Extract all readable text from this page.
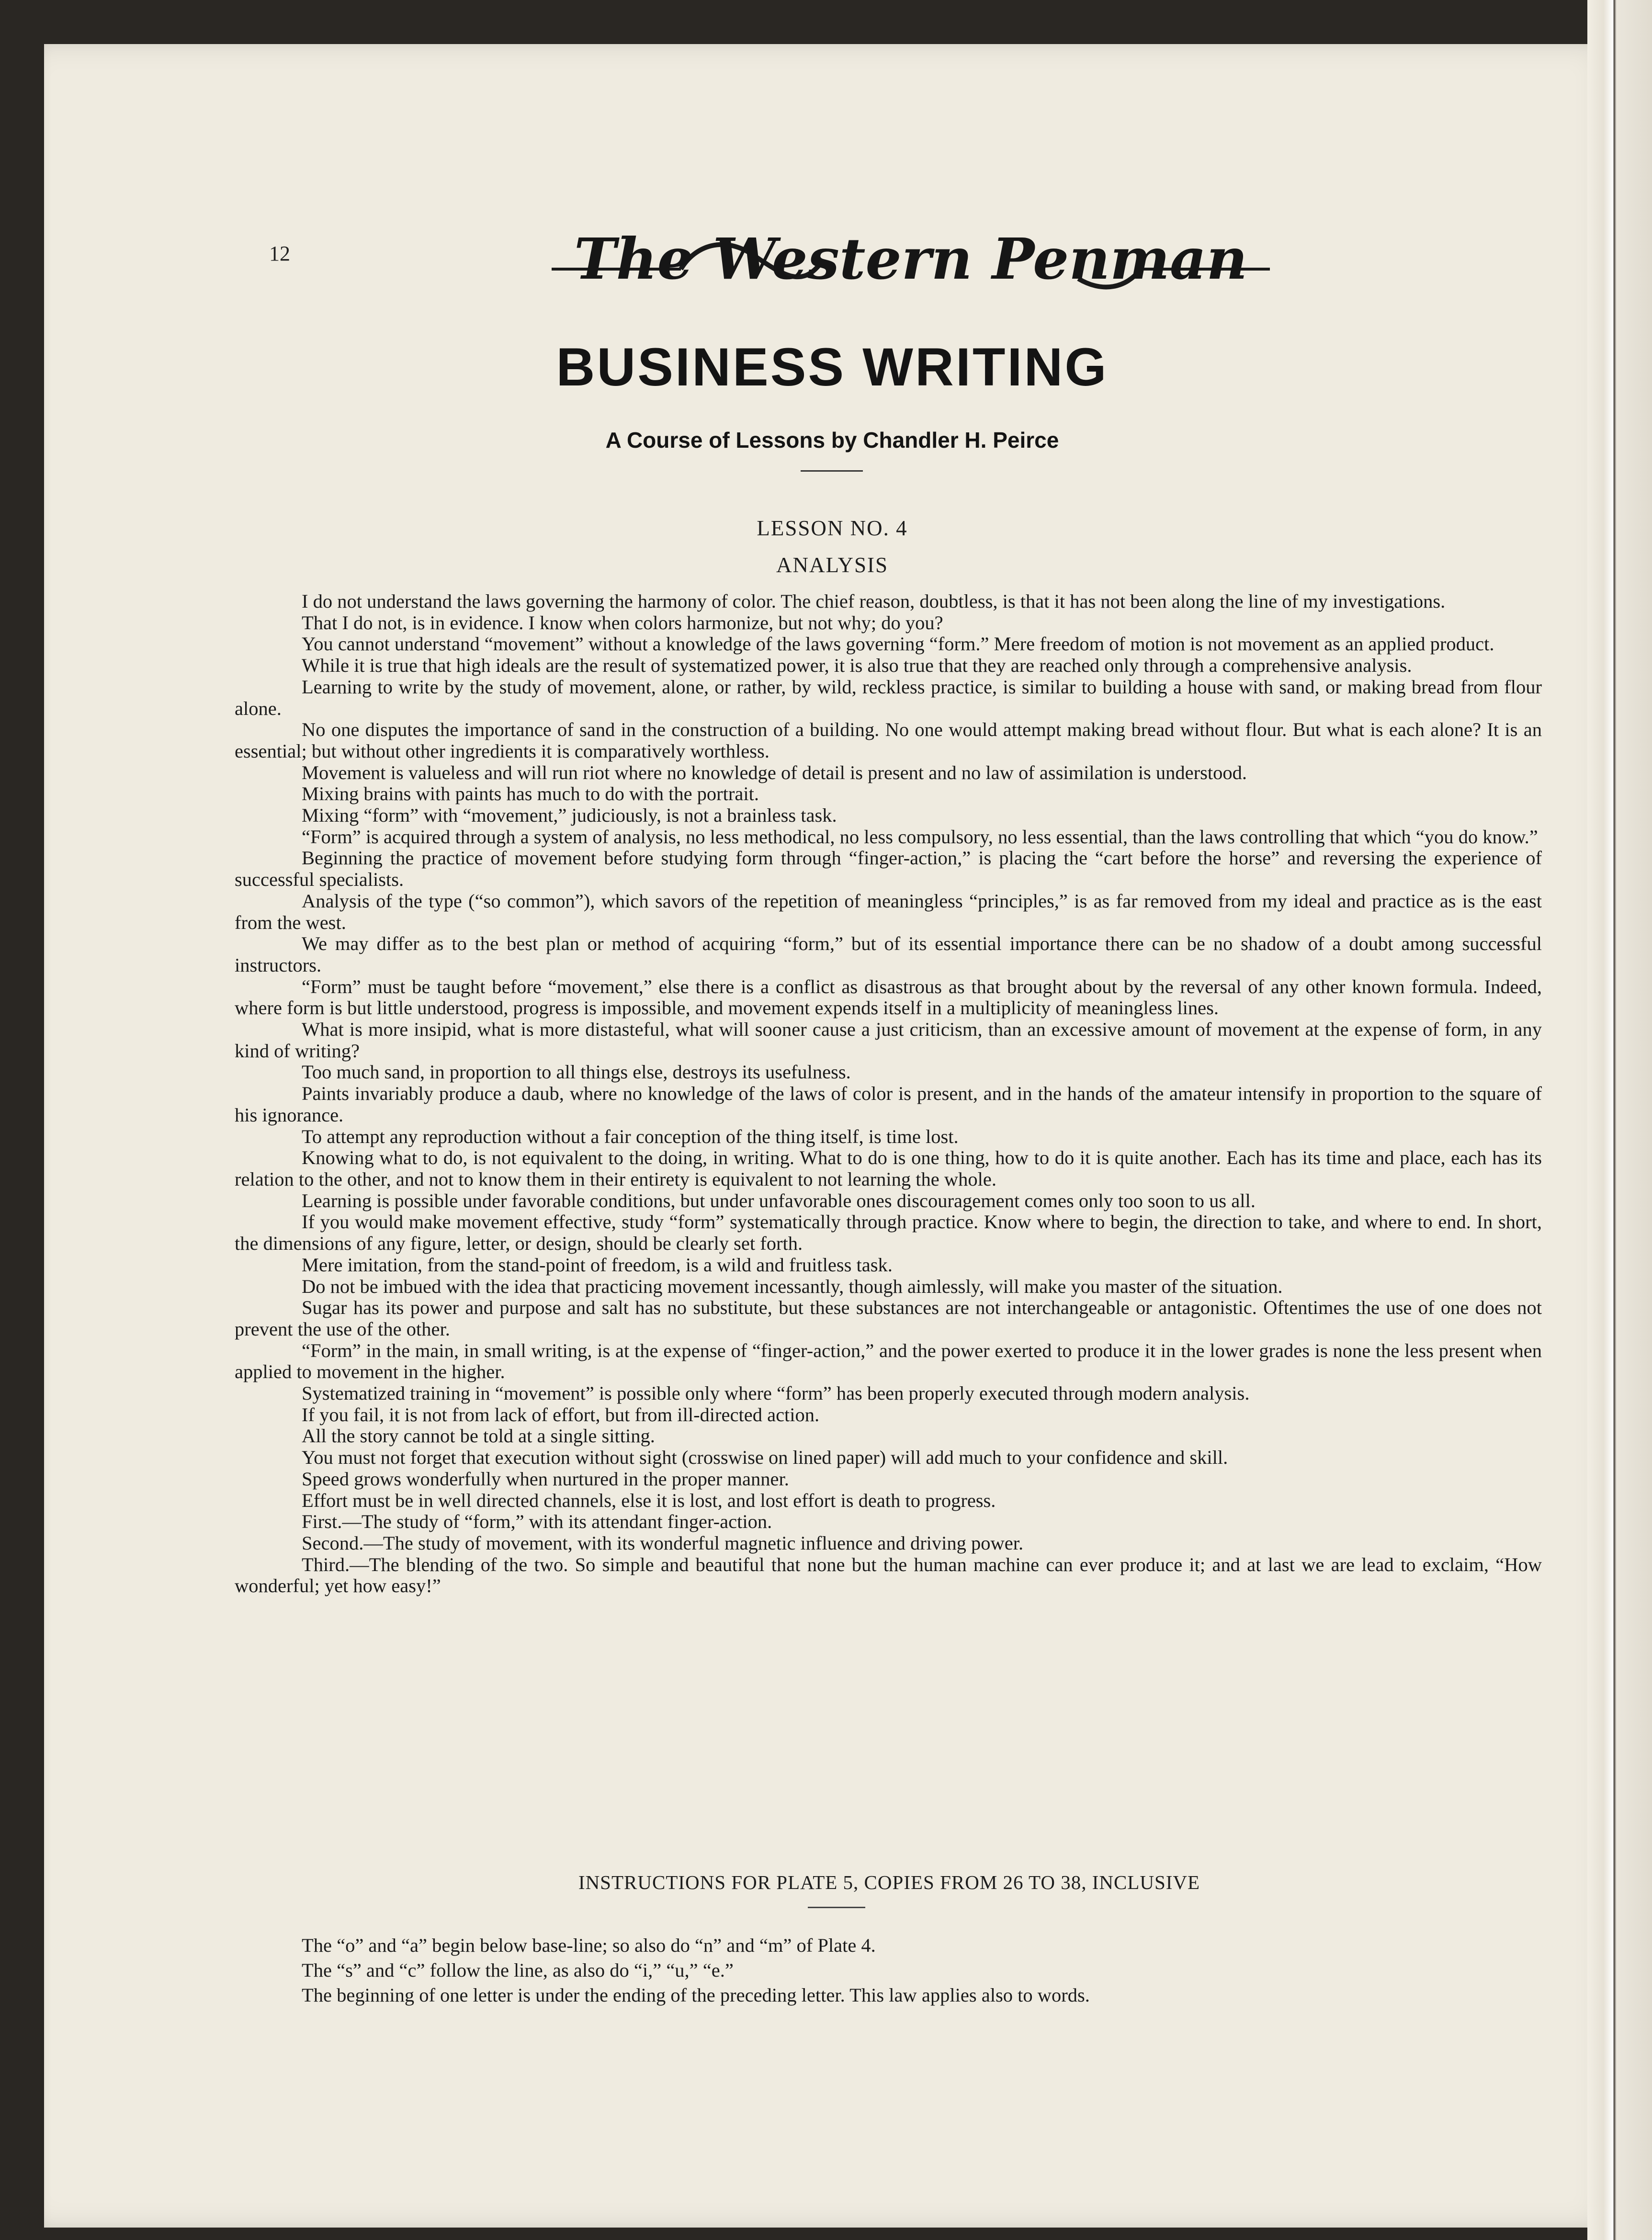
12	The Western Penman
BUSINESS WRITING
A Course of Lessons by Chandler H. Peirce
LESSON NO. 4
ANALYSIS

I do not understand the laws governing the harmony of color. The chief reason, doubtless, is that it has not been along the line of my investigations.

That I do not, is in evidence. I know when colors harmonize, but not why; do you?

You cannot understand “movement” without a knowledge of the laws governing “form.” Mere freedom of motion is not movement as an applied product.

While it is true that high ideals are the result of systematized power, it is also true that they are reached only through a comprehensive analysis.

Learning to write by the study of movement, alone, or rather, by wild, reckless practice, is similar to building a house with sand, or making bread from flour alone.

No one disputes the importance of sand in the construction of a building. No one would attempt making bread without flour. But what is each alone? It is an essential; but without other ingredients it is comparatively worthless.

Movement is valueless and will run riot where no knowledge of detail is present and no law of assimilation is understood.

Mixing brains with paints has much to do with the portrait.

Mixing “form” with “movement,” judiciously, is not a brainless task.

“Form” is acquired through a system of analysis, no less methodical, no less compulsory, no less essential, than the laws controlling that which “you do know.”

Beginning the practice of movement before studying form through “finger-action,” is placing the “cart before the horse” and reversing the experience of successful specialists.

Analysis of the type (“so common”), which savors of the repetition of meaningless “principles,” is as far removed from my ideal and practice as is the east from the west.

We may differ as to the best plan or method of acquiring “form,” but of its essential importance there can be no shadow of a doubt among successful instructors.

“Form” must be taught before “movement,” else there is a conflict as disastrous as that brought about by the reversal of any other known formula. Indeed, where form is but little understood, progress is impossible, and movement expends itself in a multiplicity of meaningless lines.

What is more insipid, what is more distasteful, what will sooner cause a just criticism, than an excessive amount of movement at the expense of form, in any kind of writing?

Too much sand, in proportion to all things else, destroys its usefulness.

Paints invariably produce a daub, where no knowledge of the laws of color is present, and in the hands of the amateur intensify in proportion to the square of his ignorance.

To attempt any reproduction without a fair conception of the thing itself, is time lost.

Knowing what to do, is not equivalent to the doing, in writing. What to do is one thing, how to do it is quite another. Each has its time and place, each has its relation to the other, and not to know them in their entirety is equivalent to not learning the whole.

Learning is possible under favorable conditions, but under unfavorable ones discouragement comes only too soon to us all.

If you would make movement effective, study “form” systematically through practice. Know where to begin, the direction to take, and where to end. In short, the dimensions of any figure, letter, or design, should be clearly set forth.

Mere imitation, from the stand-point of freedom, is a wild and fruitless task.

Do not be imbued with the idea that practicing movement incessantly, though aimlessly, will make you master of the situation.

Sugar has its power and purpose and salt has no substitute, but these substances are not interchangeable or antagonistic. Oftentimes the use of one does not prevent the use of the other.

“Form” in the main, in small writing, is at the expense of “finger-action,” and the power exerted to produce it in the lower grades is none the less present when applied to movement in the higher.

Systematized training in “movement” is possible only where “form” has been properly executed through modern analysis.

If you fail, it is not from lack of effort, but from ill-directed action.

All the story cannot be told at a single sitting.

You must not forget that execution without sight (crosswise on lined paper) will add much to your confidence and skill.

Speed grows wonderfully when nurtured in the proper manner.

Effort must be in well directed channels, else it is lost, and lost effort is death to progress.

First.—The study of “form,” with its attendant finger-action.

Second.—The study of movement, with its wonderful magnetic influence and driving power.

Third.—The blending of the two. So simple and beautiful that none but the human machine can ever produce it; and at last we are lead to exclaim, “How wonderful; yet how easy!”

INSTRUCTIONS FOR PLATE 5, COPIES FROM 26 TO 38, INCLUSIVE

The “o” and “a” begin below base-line; so also do “n” and “m” of Plate 4.

The “s” and “c” follow the line, as also do “i,” “u,” “e.”

The beginning of one letter is under the ending of the preceding letter. This law applies also to words.
